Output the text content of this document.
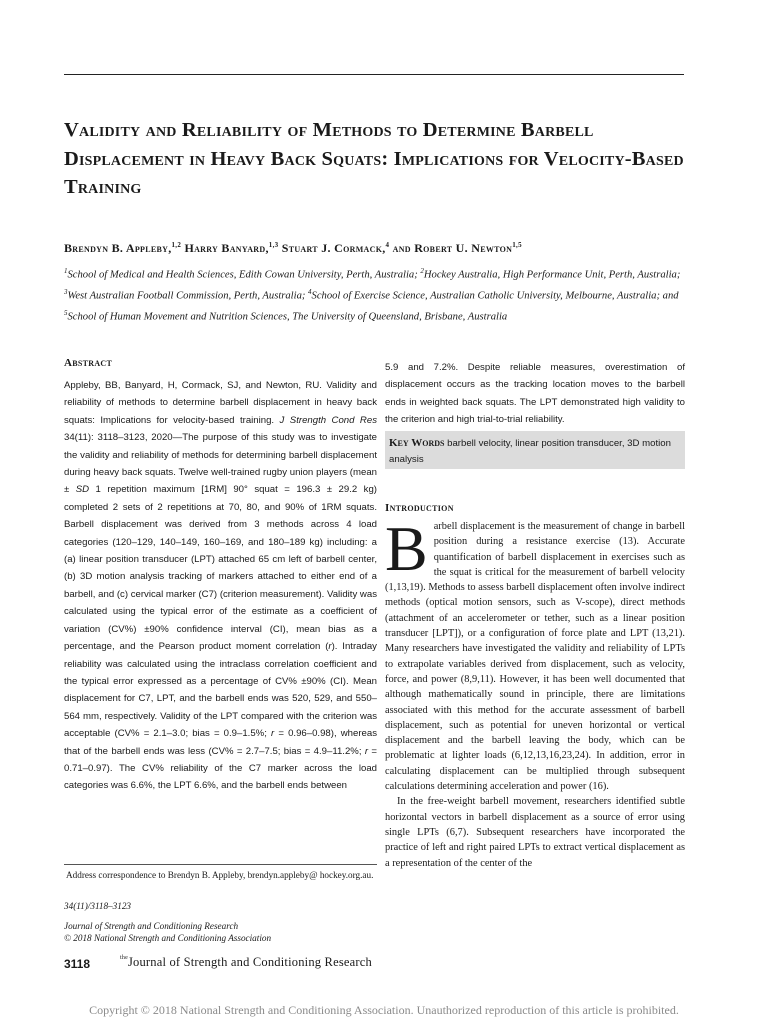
Validity and Reliability of Methods to Determine Barbell Displacement in Heavy Back Squats: Implications for Velocity-Based Training
Brendyn B. Appleby,$^{1,2}$ Harry Banyard,$^{1,3}$ Stuart J. Cormack,$^4$ and Robert U. Newton$^{1,5}$
$^1$School of Medical and Health Sciences, Edith Cowan University, Perth, Australia; $^2$Hockey Australia, High Performance Unit, Perth, Australia; $^3$West Australian Football Commission, Perth, Australia; $^4$School of Exercise Science, Australian Catholic University, Melbourne, Australia; and $^5$School of Human Movement and Nutrition Sciences, The University of Queensland, Brisbane, Australia
Abstract
Appleby, BB, Banyard, H, Cormack, SJ, and Newton, RU. Validity and reliability of methods to determine barbell displacement in heavy back squats: Implications for velocity-based training. J Strength Cond Res 34(11): 3118–3123, 2020—The purpose of this study was to investigate the validity and reliability of methods for determining barbell displacement during heavy back squats. Twelve well-trained rugby union players (mean ± SD 1 repetition maximum [1RM] 90° squat = 196.3 ± 29.2 kg) completed 2 sets of 2 repetitions at 70, 80, and 90% of 1RM squats. Barbell displacement was derived from 3 methods across 4 load categories (120–129, 140–149, 160–169, and 180–189 kg) including: a (a) linear position transducer (LPT) attached 65 cm left of barbell center, (b) 3D motion analysis tracking of markers attached to either end of a barbell, and (c) cervical marker (C7) (criterion measurement). Validity was calculated using the typical error of the estimate as a coefficient of variation (CV%) ±90% confidence interval (CI), mean bias as a percentage, and the Pearson product moment correlation (r). Intraday reliability was calculated using the intraclass correlation coefficient and the typical error expressed as a percentage of CV% ±90% (CI). Mean displacement for C7, LPT, and the barbell ends was 520, 529, and 550–564 mm, respectively. Validity of the LPT compared with the criterion was acceptable (CV% = 2.1–3.0; bias = 0.9–1.5%; r = 0.96–0.98), whereas that of the barbell ends was less (CV% = 2.7–7.5; bias = 4.9–11.2%; r = 0.71–0.97). The CV% reliability of the C7 marker across the load categories was 6.6%, the LPT 6.6%, and the barbell ends between
5.9 and 7.2%. Despite reliable measures, overestimation of displacement occurs as the tracking location moves to the barbell ends in weighted back squats. The LPT demonstrated high validity to the criterion and high trial-to-trial reliability.
Key Words barbell velocity, linear position transducer, 3D motion analysis
Introduction

Barbell displacement is the measurement of change in barbell position during a resistance exercise (13). Accurate quantification of barbell displacement in exercises such as the squat is critical for the measurement of barbell velocity (1,13,19). Methods to assess barbell displacement often involve indirect methods (optical motion sensors, such as V-scope), direct methods (attachment of an accelerometer or tether, such as a linear position transducer [LPT]), or a configuration of force plate and LPT (13,21). Many researchers have investigated the validity and reliability of LPTs to extrapolate variables derived from displacement, such as velocity, force, and power (8,9,11). However, it has been well documented that although mathematically sound in principle, there are limitations associated with this method for the accurate assessment of barbell displacement, such as potential for uneven horizontal or vertical displacement and the barbell leaving the body, which can be problematic at lighter loads (6,12,13,16,23,24). In addition, error in calculating displacement can be multiplied through subsequent calculations determining acceleration and power (16).

In the free-weight barbell movement, researchers identified subtle horizontal vectors in barbell displacement as a source of error using single LPTs (6,7). Subsequent researchers have incorporated the practice of left and right paired LPTs to extract vertical displacement as a representation of the center of the

Address correspondence to Brendyn B. Appleby, brendyn.appleby@ hockey.org.au.
34(11)/3118–3123
Journal of Strength and Conditioning Research
© 2018 National Strength and Conditioning Association
3118	$^{the}$Journal of Strength and Conditioning Research
Copyright © 2018 National Strength and Conditioning Association. Unauthorized reproduction of this article is prohibited.
